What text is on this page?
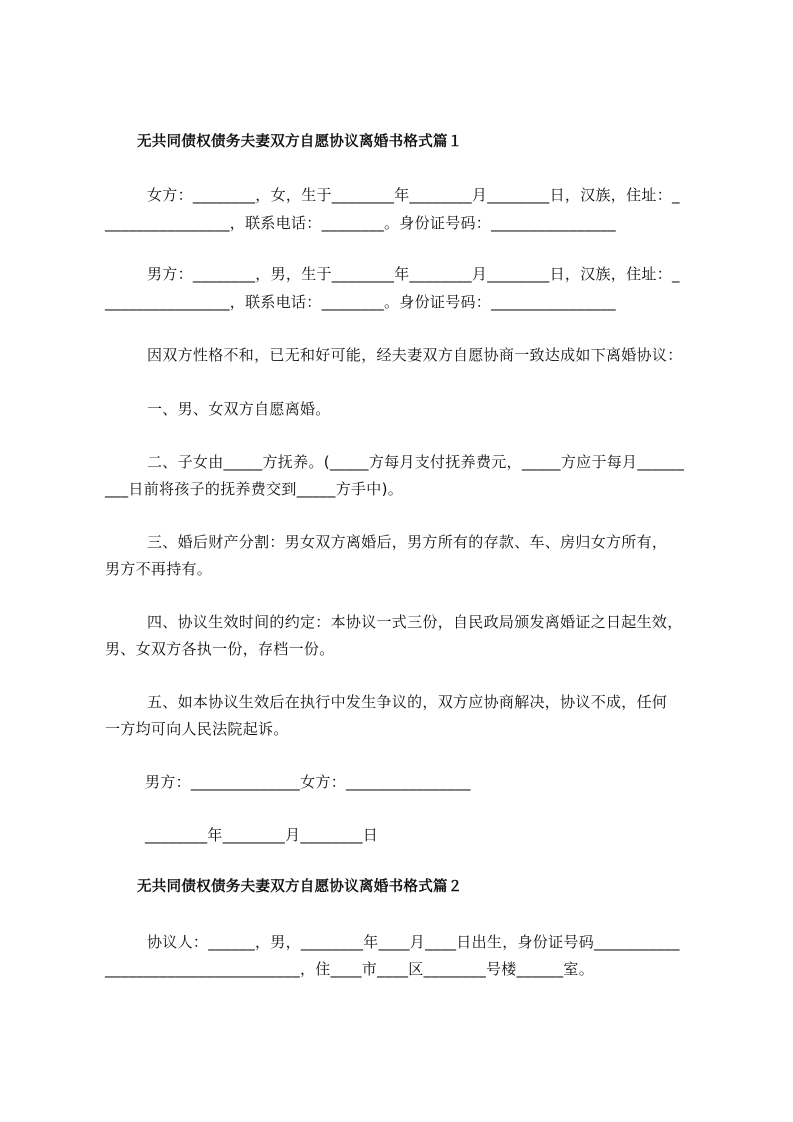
无共同债权债务夫妻双方自愿协议离婚书格式篇１
女方：________，女，生于________年________月________日，汉族，住址：_
________________，联系电话：________。身份证号码：________________
男方：________，男，生于________年________月________日，汉族，住址：_
________________，联系电话：________。身份证号码：________________
因双方性格不和，已无和好可能，经夫妻双方自愿协商一致达成如下离婚协议：
一、男、女双方自愿离婚。
二、子女由_____方抚养。(_____方每月支付抚养费元，_____方应于每月______
___日前将孩子的抚养费交到_____方手中)。
三、婚后财产分割：男女双方离婚后，男方所有的存款、车、房归女方所有，
男方不再持有。
四、协议生效时间的约定：本协议一式三份，自民政局颁发离婚证之日起生效，
男、女双方各执一份，存档一份。
五、如本协议生效后在执行中发生争议的，双方应协商解决，协议不成，任何
一方均可向人民法院起诉。
男方：______________女方：________________
________年________月________日
无共同债权债务夫妻双方自愿协议离婚书格式篇２
协议人：______，男，________年____月____日出生，身份证号码___________
_________________________，住____市____区________号楼______室。
